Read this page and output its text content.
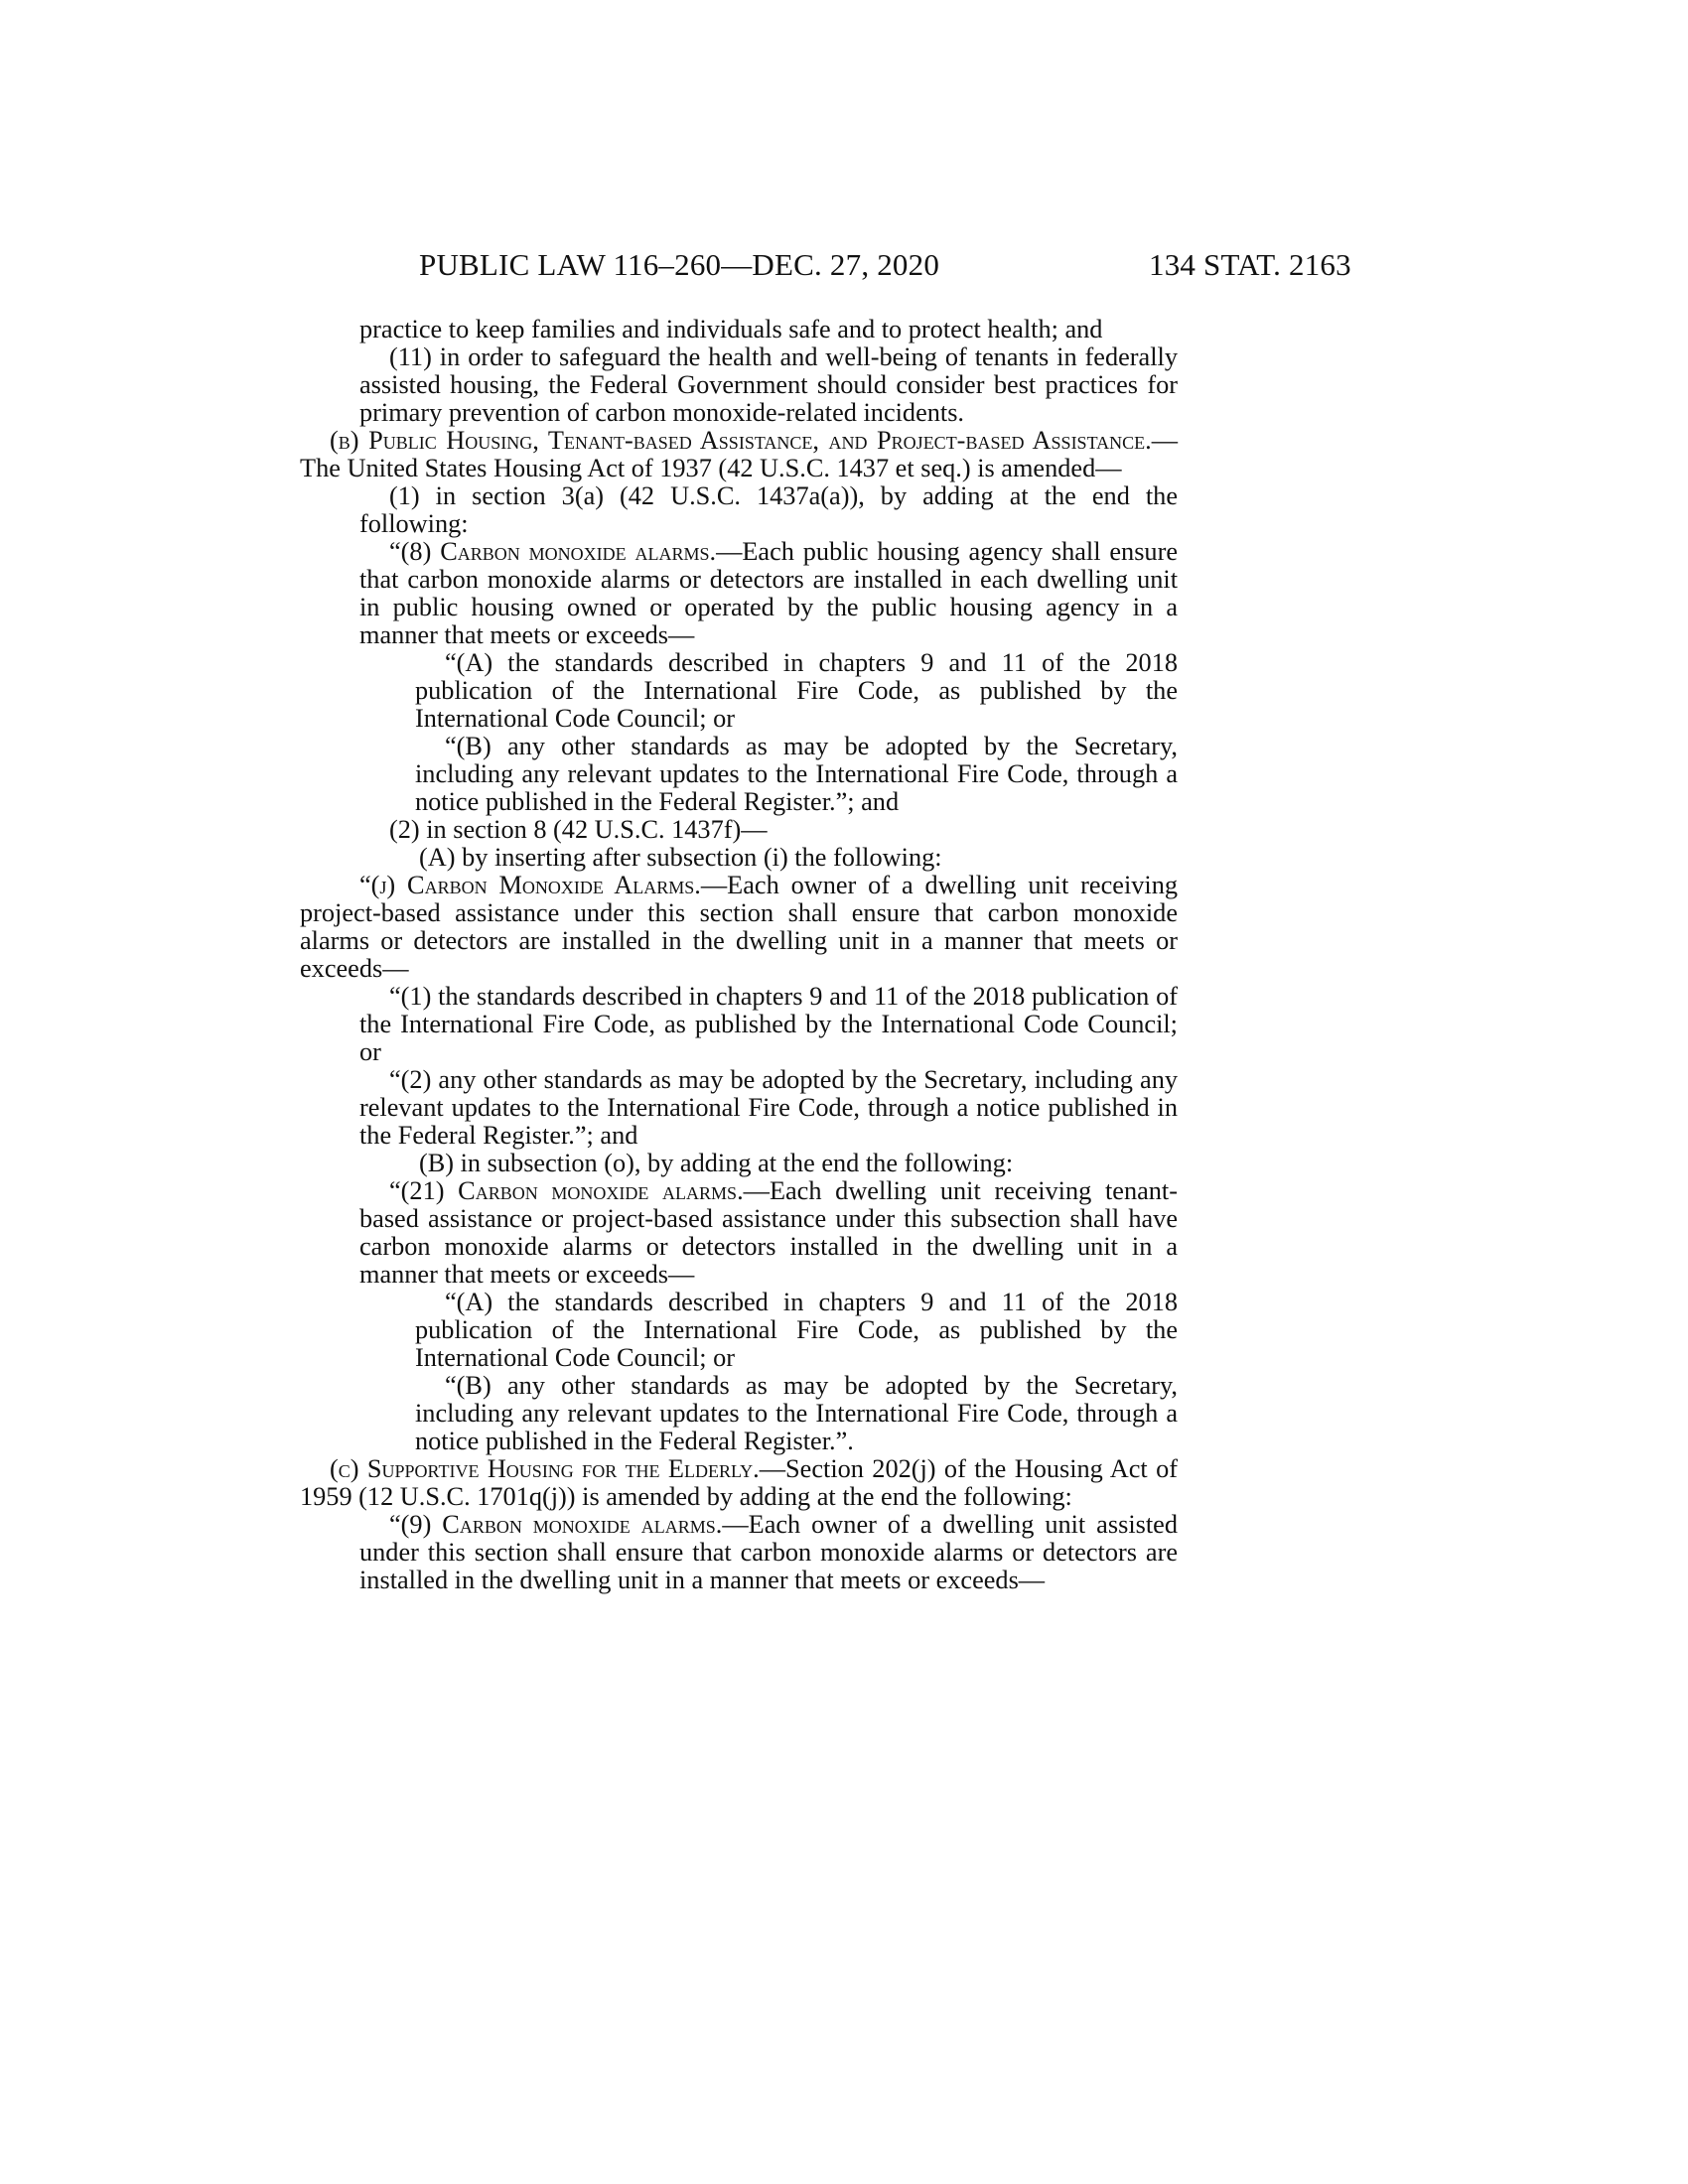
PUBLIC LAW 116–260—DEC. 27, 2020	134 STAT. 2163

practice to keep families and individuals safe and to protect health; and

(11) in order to safeguard the health and well-being of tenants in federally assisted housing, the Federal Government should consider best practices for primary prevention of carbon monoxide-related incidents.

(b) Public Housing, Tenant-based Assistance, and Project-based Assistance.—The United States Housing Act of 1937 (42 U.S.C. 1437 et seq.) is amended—

(1) in section 3(a) (42 U.S.C. 1437a(a)), by adding at the end the following:

“(8) Carbon monoxide alarms.—Each public housing agency shall ensure that carbon monoxide alarms or detectors are installed in each dwelling unit in public housing owned or operated by the public housing agency in a manner that meets or exceeds—

“(A) the standards described in chapters 9 and 11 of the 2018 publication of the International Fire Code, as published by the International Code Council; or

“(B) any other standards as may be adopted by the Secretary, including any relevant updates to the International Fire Code, through a notice published in the Federal Register.”; and

(2) in section 8 (42 U.S.C. 1437f)—

(A) by inserting after subsection (i) the following:

“(j) Carbon Monoxide Alarms.—Each owner of a dwelling unit receiving project-based assistance under this section shall ensure that carbon monoxide alarms or detectors are installed in the dwelling unit in a manner that meets or exceeds—

“(1) the standards described in chapters 9 and 11 of the 2018 publication of the International Fire Code, as published by the International Code Council; or

“(2) any other standards as may be adopted by the Secretary, including any relevant updates to the International Fire Code, through a notice published in the Federal Register.”; and

(B) in subsection (o), by adding at the end the following:

“(21) Carbon monoxide alarms.—Each dwelling unit receiving tenant-based assistance or project-based assistance under this subsection shall have carbon monoxide alarms or detectors installed in the dwelling unit in a manner that meets or exceeds—

“(A) the standards described in chapters 9 and 11 of the 2018 publication of the International Fire Code, as published by the International Code Council; or

“(B) any other standards as may be adopted by the Secretary, including any relevant updates to the International Fire Code, through a notice published in the Federal Register.”.

(c) Supportive Housing for the Elderly.—Section 202(j) of the Housing Act of 1959 (12 U.S.C. 1701q(j)) is amended by adding at the end the following:

“(9) Carbon monoxide alarms.—Each owner of a dwelling unit assisted under this section shall ensure that carbon monoxide alarms or detectors are installed in the dwelling unit in a manner that meets or exceeds—
